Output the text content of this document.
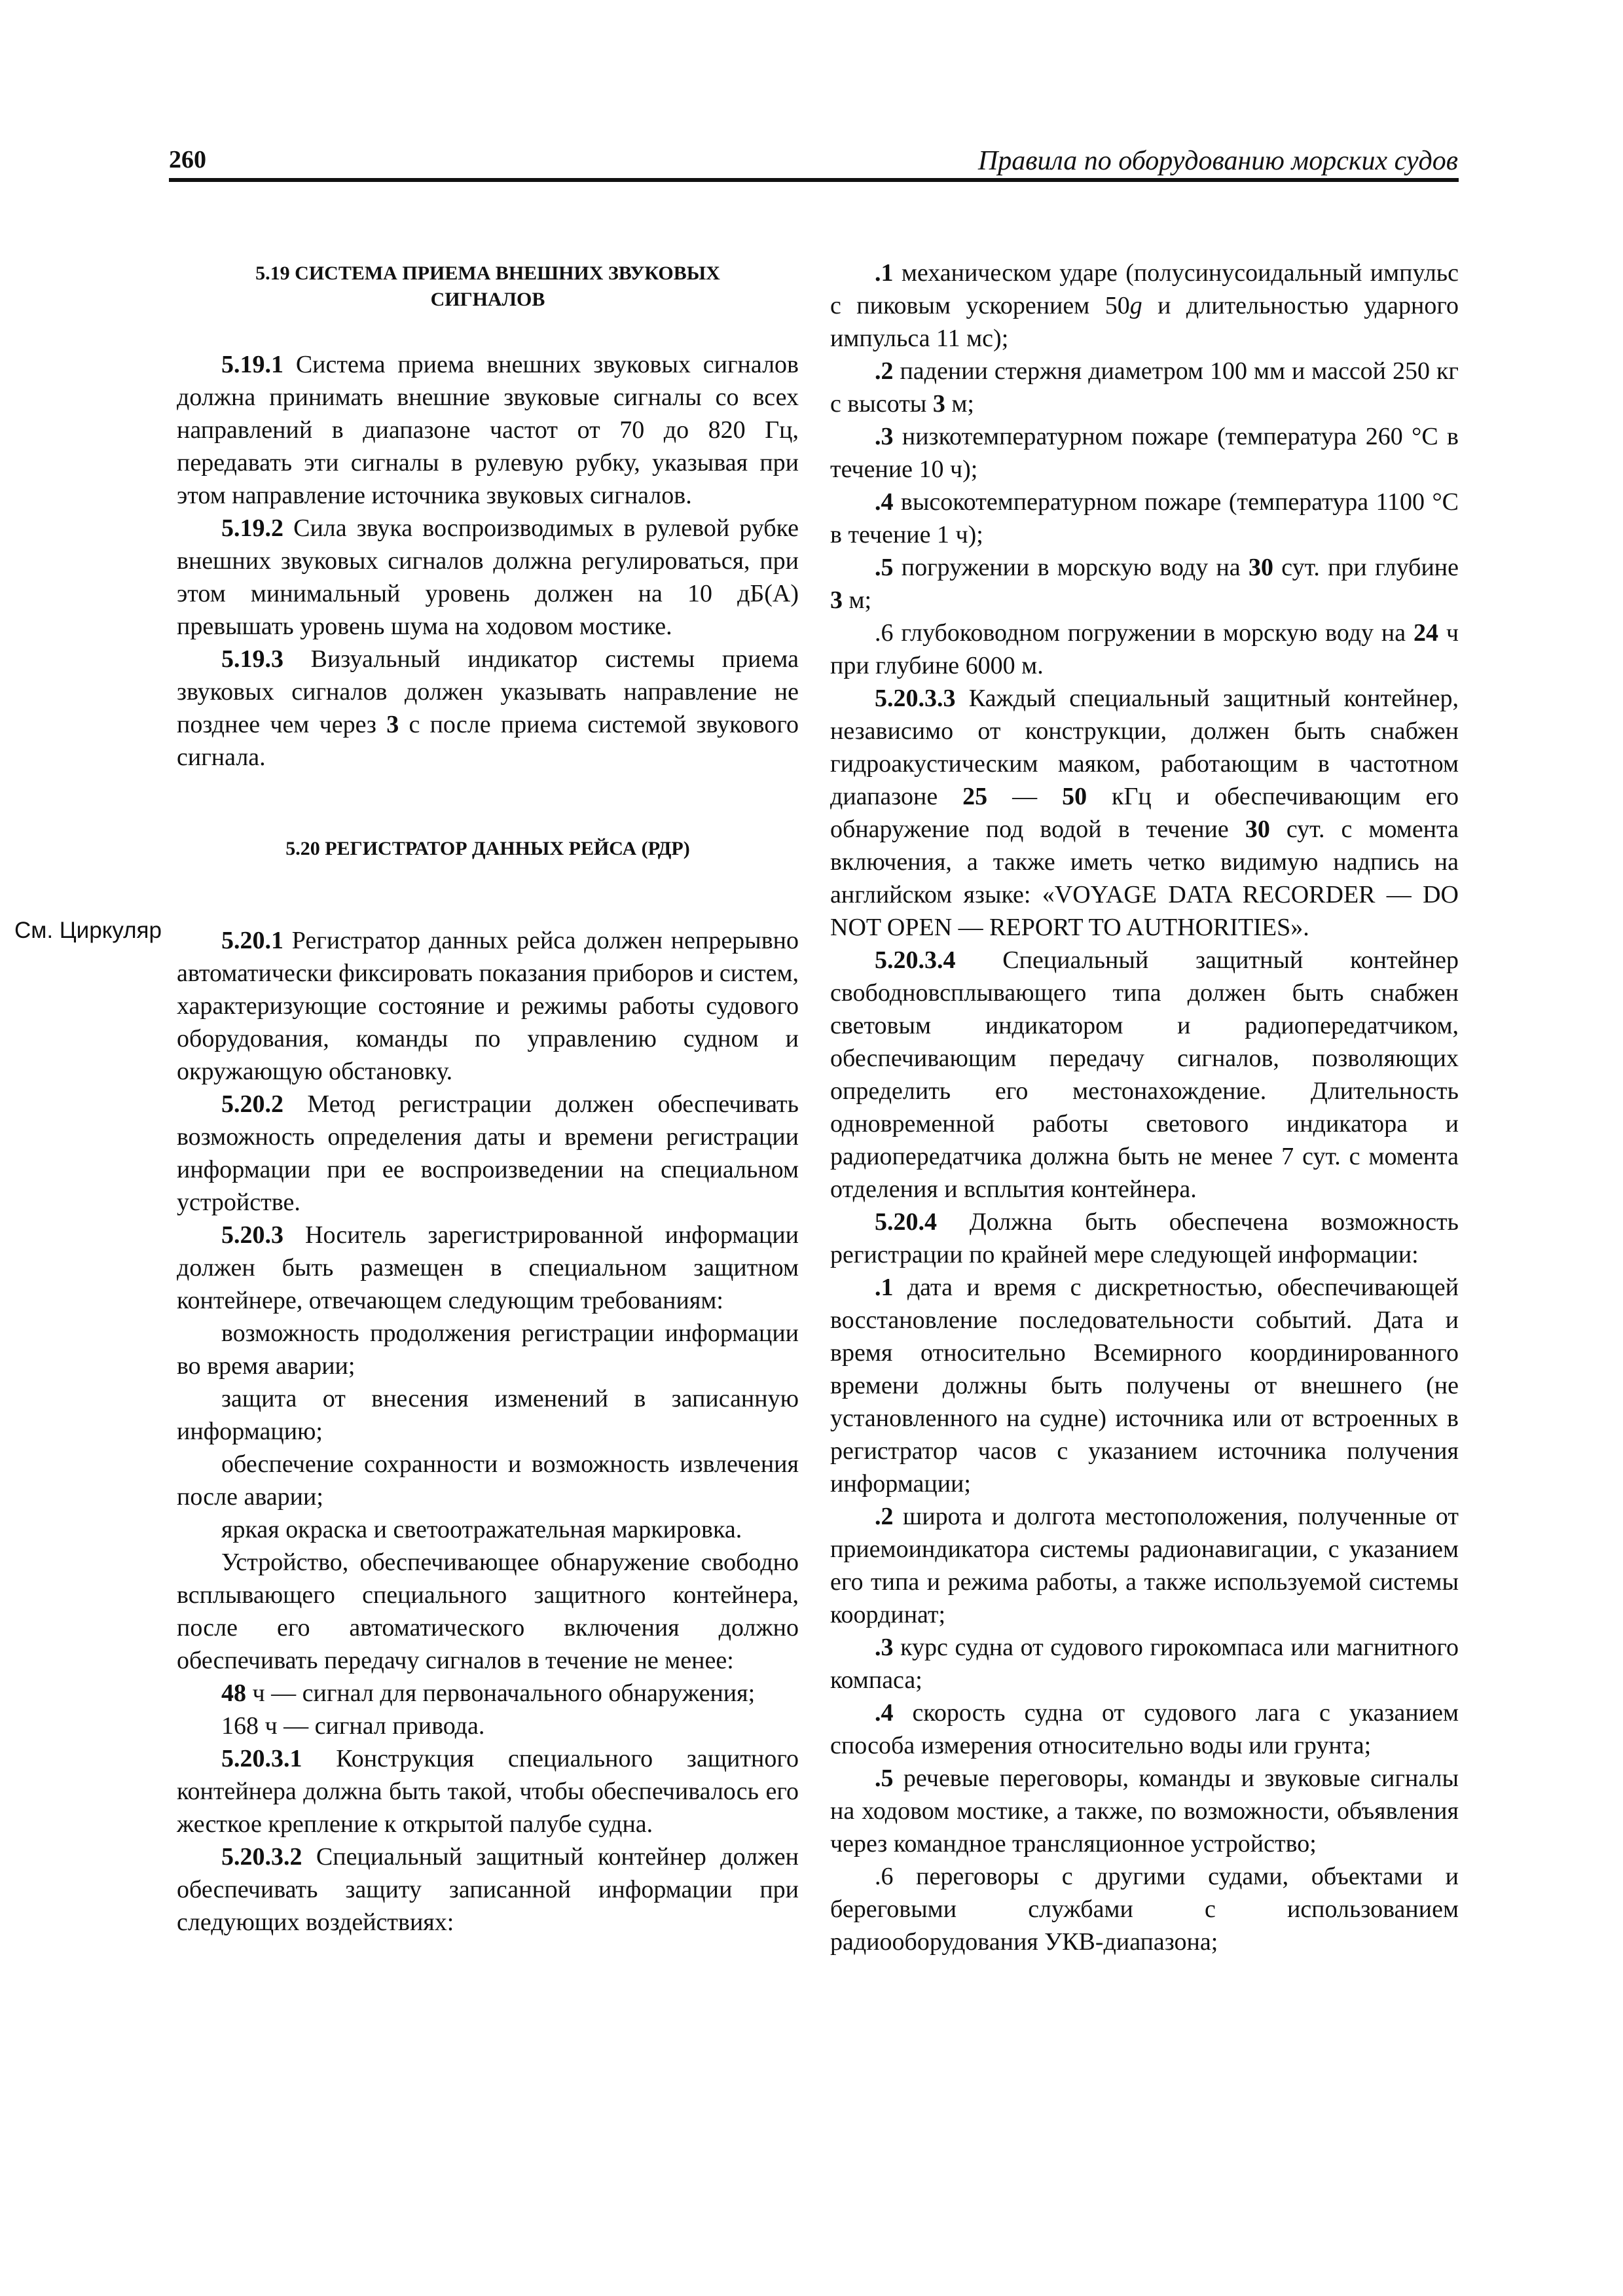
260	Правила по оборудованию морских судов
См. Циркуляр
5.19 СИСТЕМА ПРИЕМА ВНЕШНИХ ЗВУКОВЫХ СИГНАЛОВ

5.19.1 Система приема внешних звуковых сигналов должна принимать внешние звуковые сигналы со всех направлений в диапазоне частот от 70 до 820 Гц, передавать эти сигналы в рулевую рубку, указывая при этом направление источника звуковых сигналов.

5.19.2 Сила звука воспроизводимых в рулевой рубке внешних звуковых сигналов должна регулироваться, при этом минимальный уровень должен на 10 дБ(А) превышать уровень шума на ходовом мостике.

5.19.3 Визуальный индикатор системы приема звуковых сигналов должен указывать направление не позднее чем через 3 с после приема системой звукового сигнала.

5.20 РЕГИСТРАТОР ДАННЫХ РЕЙСА (РДР)

5.20.1 Регистратор данных рейса должен непрерывно автоматически фиксировать показания приборов и систем, характеризующие состояние и режимы работы судового оборудования, команды по управлению судном и окружающую обстановку.

5.20.2 Метод регистрации должен обеспечивать возможность определения даты и времени регистрации информации при ее воспроизведении на специальном устройстве.

5.20.3 Носитель зарегистрированной информации должен быть размещен в специальном защитном контейнере, отвечающем следующим требованиям:

возможность продолжения регистрации информации во время аварии;

защита от внесения изменений в записанную информацию;

обеспечение сохранности и возможность извлечения после аварии;

яркая окраска и светоотражательная маркировка.

Устройство, обеспечивающее обнаружение свободно всплывающего специального защитного контейнера, после его автоматического включения должно обеспечивать передачу сигналов в течение не менее:

48 ч — сигнал для первоначального обнаружения;

168 ч — сигнал привода.

5.20.3.1 Конструкция специального защитного контейнера должна быть такой, чтобы обеспечивалось его жесткое крепление к открытой палубе судна.

5.20.3.2 Специальный защитный контейнер должен обеспечивать защиту записанной информации при следующих воздействиях:

.1 механическом ударе (полусинусоидальный импульс с пиковым ускорением 50g и длительностью ударного импульса 11 мс);

.2 падении стержня диаметром 100 мм и массой 250 кг с высоты 3 м;

.3 низкотемпературном пожаре (температура 260 °С в течение 10 ч);

.4 высокотемпературном пожаре (температура 1100 °С в течение 1 ч);

.5 погружении в морскую воду на 30 сут. при глубине 3 м;

.6 глубоководном погружении в морскую воду на 24 ч при глубине 6000 м.

5.20.3.3 Каждый специальный защитный контейнер, независимо от конструкции, должен быть снабжен гидроакустическим маяком, работающим в частотном диапазоне 25 — 50 кГц и обеспечивающим его обнаружение под водой в течение 30 сут. с момента включения, а также иметь четко видимую надпись на английском языке: «VOYAGE DATA RECORDER — DO NOT OPEN — REPORT TO AUTHORITIES».

5.20.3.4 Специальный защитный контейнер свободновсплывающего типа должен быть снабжен световым индикатором и радиопередатчиком, обеспечивающим передачу сигналов, позволяющих определить его местонахождение. Длительность одновременной работы светового индикатора и радиопередатчика должна быть не менее 7 сут. с момента отделения и всплытия контейнера.

5.20.4 Должна быть обеспечена возможность регистрации по крайней мере следующей информации:

.1 дата и время с дискретностью, обеспечивающей восстановление последовательности событий. Дата и время относительно Всемирного координированного времени должны быть получены от внешнего (не установленного на судне) источника или от встроенных в регистратор часов с указанием источника получения информации;

.2 широта и долгота местоположения, полученные от приемоиндикатора системы радионавигации, с указанием его типа и режима работы, а также используемой системы координат;

.3 курс судна от судового гирокомпаса или магнитного компаса;

.4 скорость судна от судового лага с указанием способа измерения относительно воды или грунта;

.5 речевые переговоры, команды и звуковые сигналы на ходовом мостике, а также, по возможности, объявления через командное трансляционное устройство;

.6 переговоры с другими судами, объектами и береговыми службами с использованием радиооборудования УКВ-диапазона;
